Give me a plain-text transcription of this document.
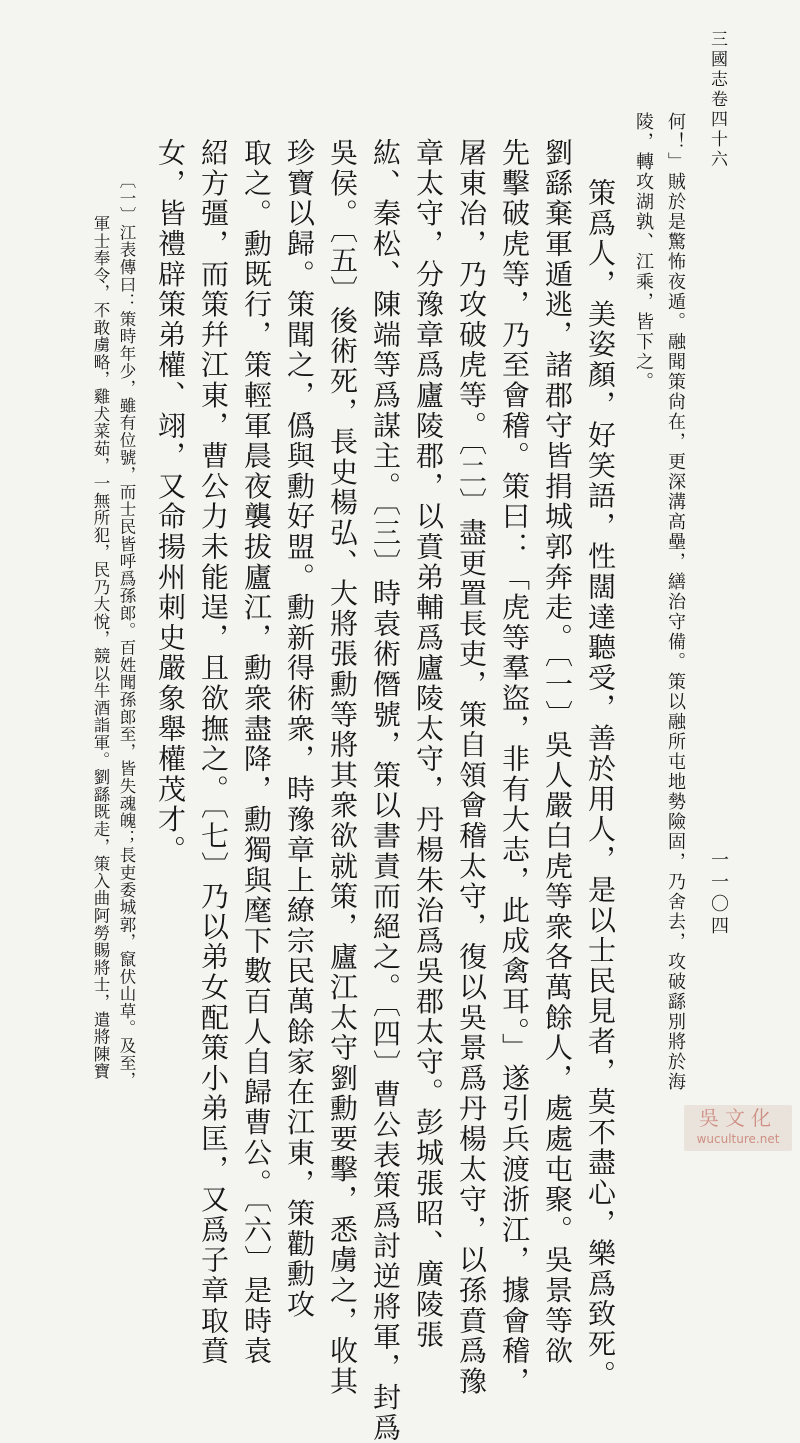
三國志卷四十六
一一〇四
何！」賊於是驚怖夜遁。融聞策尙在，更深溝高壘，繕治守備。策以融所屯地勢險固，乃舍去，攻破繇別將於海
陵，轉攻湖孰、江乘，皆下之。
策爲人，美姿顏，好笑語，性闊達聽受，善於用人，是以士民見者，莫不盡心，樂爲致死。
劉繇棄軍遁逃，諸郡守皆捐城郭奔走。〔一〕吳人嚴白虎等衆各萬餘人，處處屯聚。吳景等欲
先擊破虎等，乃至會稽。策曰：「虎等羣盜，非有大志，此成禽耳。」遂引兵渡浙江，據會稽，
屠東冶，乃攻破虎等。〔二〕盡更置長吏，策自領會稽太守，復以吳景爲丹楊太守，以孫賁爲豫
章太守，分豫章爲廬陵郡，以賁弟輔爲廬陵太守，丹楊朱治爲吳郡太守。彭城張昭、廣陵張
紘、秦松、陳端等爲謀主。〔三〕時袁術僭號，策以書責而絕之。〔四〕曹公表策爲討逆將軍，封爲
吳侯。〔五〕後術死，長史楊弘、大將張勳等將其衆欲就策，廬江太守劉勳要擊，悉虜之，收其
珍寶以歸。策聞之，僞與勳好盟。勳新得術衆，時豫章上繚宗民萬餘家在江東，策勸勳攻
取之。勳既行，策輕軍晨夜襲拔廬江，勳衆盡降，勳獨與麾下數百人自歸曹公。〔六〕是時袁
紹方彊，而策幷江東，曹公力未能逞，且欲撫之。〔七〕乃以弟女配策小弟匡，又爲子章取賁
女，皆禮辟策弟權、翊，又命揚州刺史嚴象舉權茂才。
〔一〕江表傳曰：策時年少，雖有位號，而士民皆呼爲孫郎。百姓聞孫郎至，皆失魂魄；長吏委城郭，竄伏山草。及至，
軍士奉令，不敢虜略，雞犬菜茹，一無所犯，民乃大悅，競以牛酒詣軍。劉繇既走，策入曲阿勞賜將士，遣將陳寶
吳文化
wuculture.net
